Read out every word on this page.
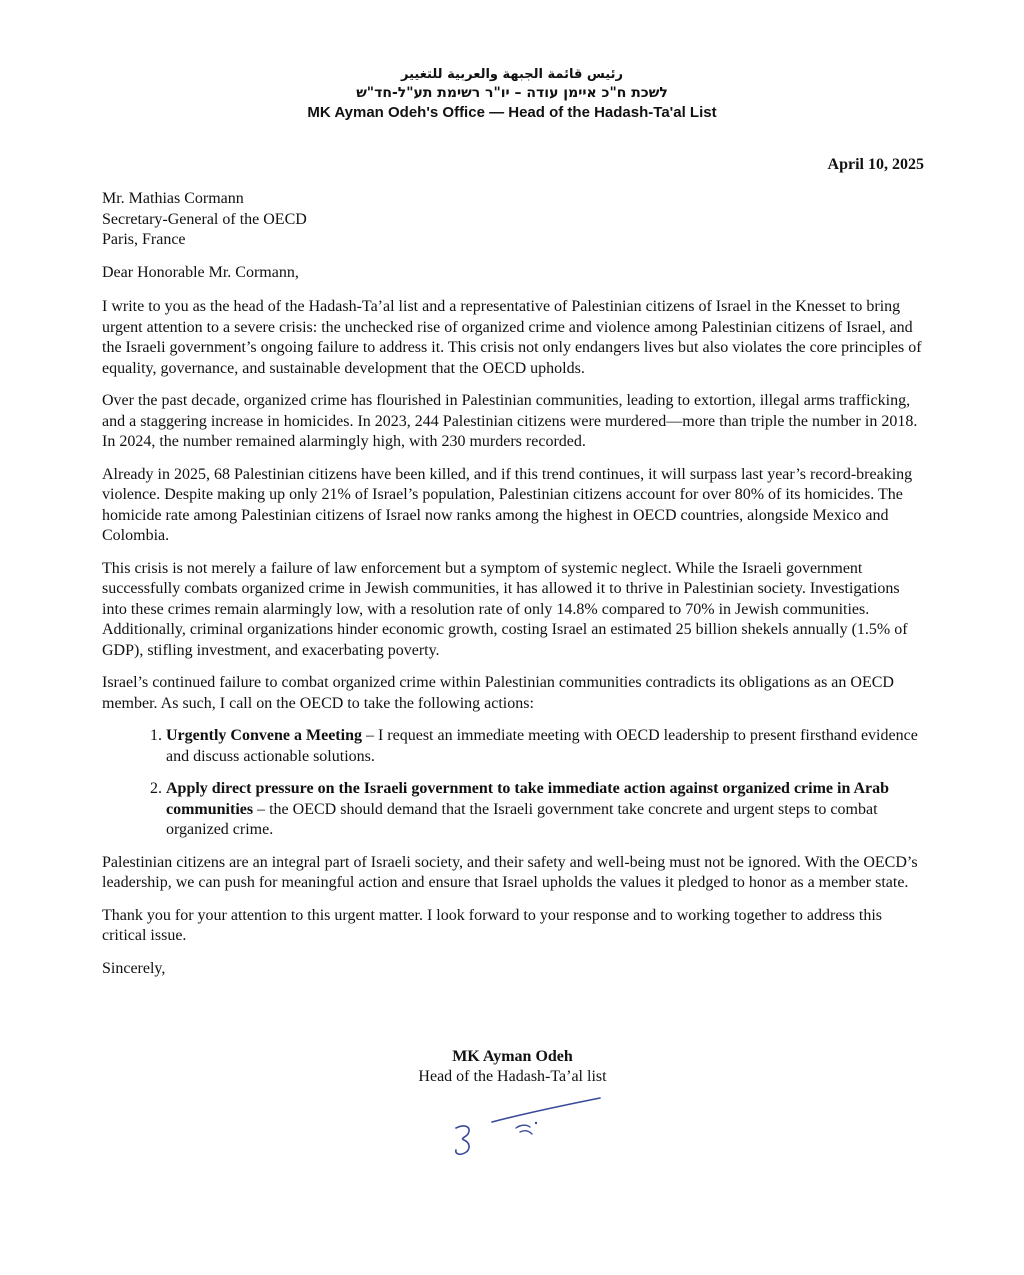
رئيس قائمة الجبهة والعربية للتغيير
לשכת ח"כ איימן עודה – יו"ר רשימת תע"ל-חד"ש
MK Ayman Odeh's Office — Head of the Hadash-Ta'al List
April 10, 2025
Mr. Mathias Cormann
Secretary-General of the OECD
Paris, France

Dear Honorable Mr. Cormann,

I write to you as the head of the Hadash-Ta’al list and a representative of Palestinian citizens of Israel in the Knesset to bring urgent attention to a severe crisis: the unchecked rise of organized crime and violence among Palestinian citizens of Israel, and the Israeli government’s ongoing failure to address it. This crisis not only endangers lives but also violates the core principles of equality, governance, and sustainable development that the OECD upholds.

Over the past decade, organized crime has flourished in Palestinian communities, leading to extortion, illegal arms trafficking, and a staggering increase in homicides. In 2023, 244 Palestinian citizens were murdered—more than triple the number in 2018. In 2024, the number remained alarmingly high, with 230 murders recorded.

Already in 2025, 68 Palestinian citizens have been killed, and if this trend continues, it will surpass last year’s record-breaking violence. Despite making up only 21% of Israel’s population, Palestinian citizens account for over 80% of its homicides. The homicide rate among Palestinian citizens of Israel now ranks among the highest in OECD countries, alongside Mexico and Colombia.

This crisis is not merely a failure of law enforcement but a symptom of systemic neglect. While the Israeli government successfully combats organized crime in Jewish communities, it has allowed it to thrive in Palestinian society. Investigations into these crimes remain alarmingly low, with a resolution rate of only 14.8% compared to 70% in Jewish communities. Additionally, criminal organizations hinder economic growth, costing Israel an estimated 25 billion shekels annually (1.5% of GDP), stifling investment, and exacerbating poverty.

Israel’s continued failure to combat organized crime within Palestinian communities contradicts its obligations as an OECD member. As such, I call on the OECD to take the following actions:

1. Urgently Convene a Meeting – I request an immediate meeting with OECD leadership to present firsthand evidence and discuss actionable solutions.
2. Apply direct pressure on the Israeli government to take immediate action against organized crime in Arab communities – the OECD should demand that the Israeli government take concrete and urgent steps to combat organized crime.

Palestinian citizens are an integral part of Israeli society, and their safety and well-being must not be ignored. With the OECD’s leadership, we can push for meaningful action and ensure that Israel upholds the values it pledged to honor as a member state.

Thank you for your attention to this urgent matter. I look forward to your response and to working together to address this critical issue.

Sincerely,

MK Ayman Odeh
Head of the Hadash-Ta’al list
